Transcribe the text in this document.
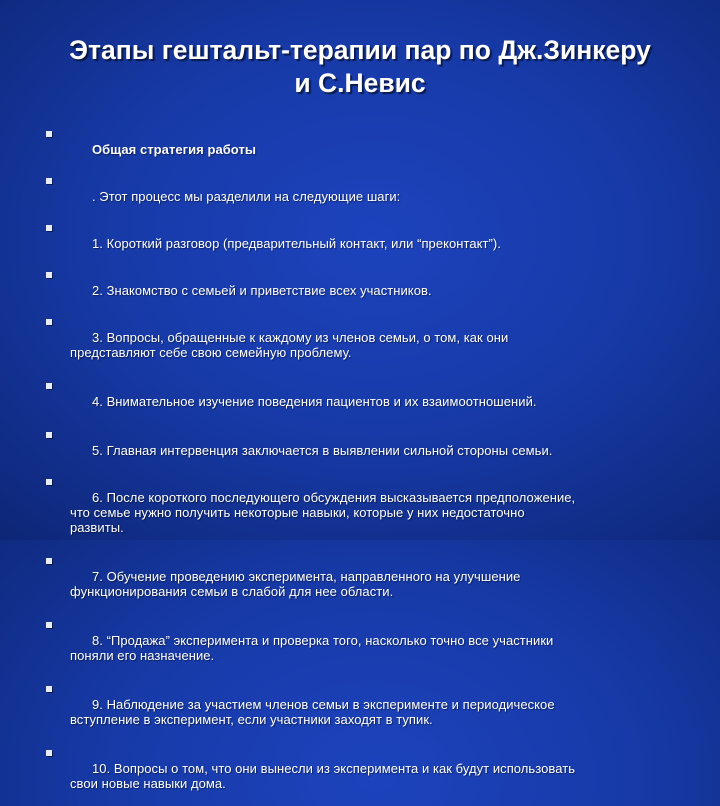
Этапы гештальт-терапии пар по Дж.Зинкеру
и С.Невис

Общая стратегия работы

. Этот процесс мы разделили на следующие шаги:

1. Короткий разговор (предварительный контакт, или “преконтакт”).

2. Знакомство с семьей и приветствие всех участников.

3. Вопросы, обращенные к каждому из членов семьи, о том, как они
представляют себе свою семейную проблему.

4. Внимательное изучение поведения пациентов и их взаимоотношений.

5. Главная интервенция заключается в выявлении сильной стороны семьи.

6. После короткого последующего обсуждения высказывается предположение,
что семье нужно получить некоторые навыки, которые у них недостаточно
развиты.

7. Обучение проведению эксперимента, направленного на улучшение
функционирования семьи в слабой для нее области.

8. “Продажа” эксперимента и проверка того, насколько точно все участники
поняли его назначение.

9. Наблюдение за участием членов семьи в эксперименте и периодическое
вступление в эксперимент, если участники заходят в тупик.

10. Вопросы о том, что они вынесли из эксперимента и как будут использовать
свои новые навыки дома.
